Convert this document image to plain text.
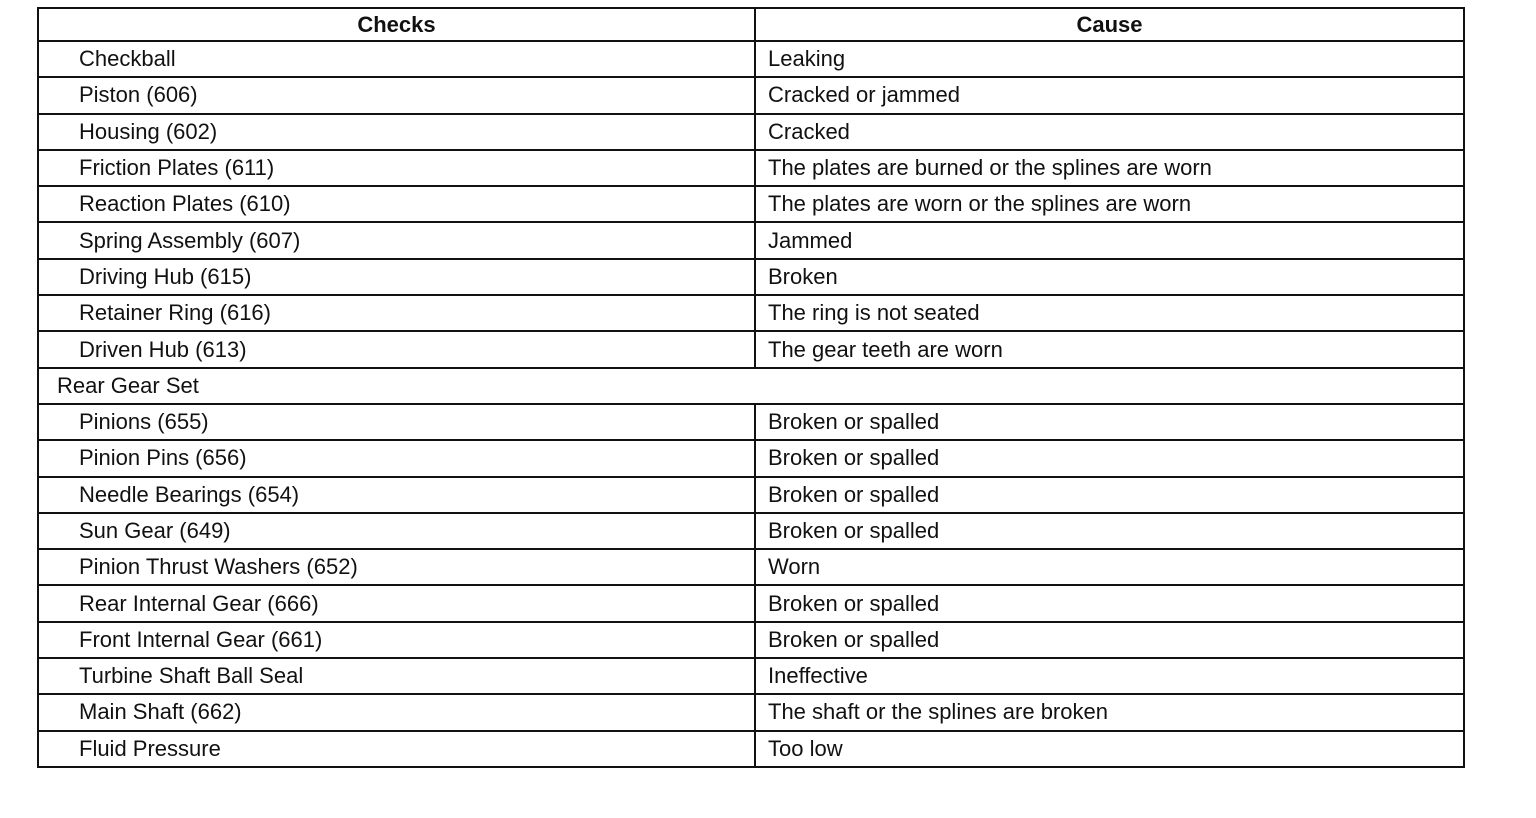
Checks	Cause
Checkball	Leaking
Piston (606)	Cracked or jammed
Housing (602)	Cracked
Friction Plates (611)	The plates are burned or the splines are worn
Reaction Plates (610)	The plates are worn or the splines are worn
Spring Assembly (607)	Jammed
Driving Hub (615)	Broken
Retainer Ring (616)	The ring is not seated
Driven Hub (613)	The gear teeth are worn
Rear Gear Set	
Pinions (655)	Broken or spalled
Pinion Pins (656)	Broken or spalled
Needle Bearings (654)	Broken or spalled
Sun Gear (649)	Broken or spalled
Pinion Thrust Washers (652)	Worn
Rear Internal Gear (666)	Broken or spalled
Front Internal Gear (661)	Broken or spalled
Turbine Shaft Ball Seal	Ineffective
Main Shaft (662)	The shaft or the splines are broken
Fluid Pressure	Too low
